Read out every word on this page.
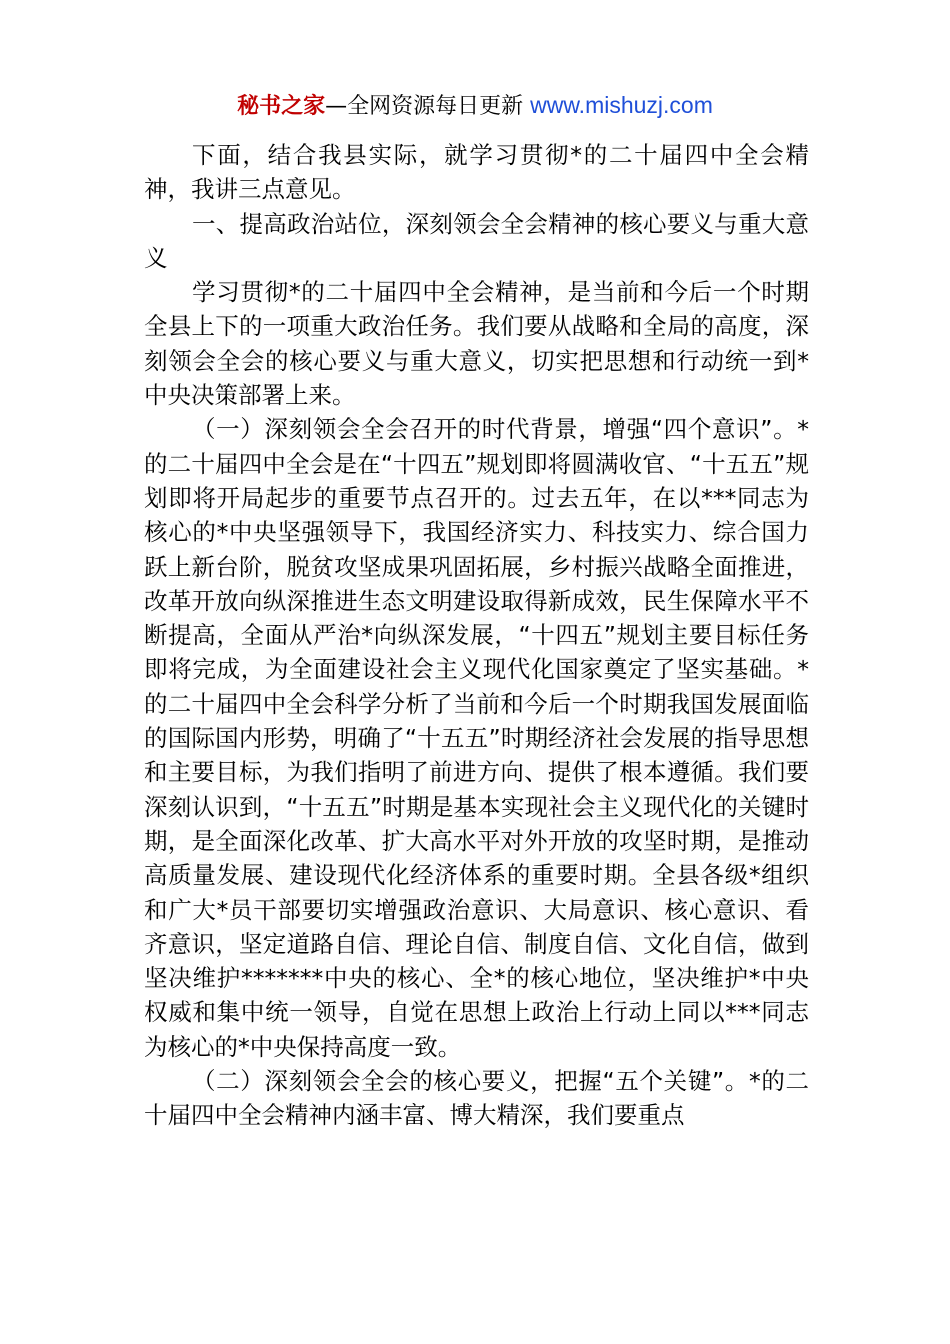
秘书之家—全网资源每日更新 www.mishuzj.com

下面，结合我县实际，就学习贯彻*的二十届四中全会精神，我讲三点意见。

一、提高政治站位，深刻领会全会精神的核心要义与重大意义

学习贯彻*的二十届四中全会精神，是当前和今后一个时期全县上下的一项重大政治任务。我们要从战略和全局的高度，深刻领会全会的核心要义与重大意义，切实把思想和行动统一到*中央决策部署上来。

（一）深刻领会全会召开的时代背景，增强“四个意识”。*的二十届四中全会是在“十四五”规划即将圆满收官、“十五五”规划即将开局起步的重要节点召开的。过去五年，在以***同志为核心的*中央坚强领导下，我国经济实力、科技实力、综合国力跃上新台阶，脱贫攻坚成果巩固拓展，乡村振兴战略全面推进，改革开放向纵深推进生态文明建设取得新成效，民生保障水平不断提高，全面从严治*向纵深发展，“十四五”规划主要目标任务即将完成，为全面建设社会主义现代化国家奠定了坚实基础。*的二十届四中全会科学分析了当前和今后一个时期我国发展面临的国际国内形势，明确了“十五五”时期经济社会发展的指导思想和主要目标，为我们指明了前进方向、提供了根本遵循。我们要深刻认识到，“十五五”时期是基本实现社会主义现代化的关键时期，是全面深化改革、扩大高水平对外开放的攻坚时期，是推动高质量发展、建设现代化经济体系的重要时期。全县各级*组织和广大*员干部要切实增强政治意识、大局意识、核心意识、看齐意识，坚定道路自信、理论自信、制度自信、文化自信，做到坚决维护*******中央的核心、全*的核心地位，坚决维护*中央权威和集中统一领导，自觉在思想上政治上行动上同以***同志为核心的*中央保持高度一致。

（二）深刻领会全会的核心要义，把握“五个关键”。*的二十届四中全会精神内涵丰富、博大精深，我们要重点
